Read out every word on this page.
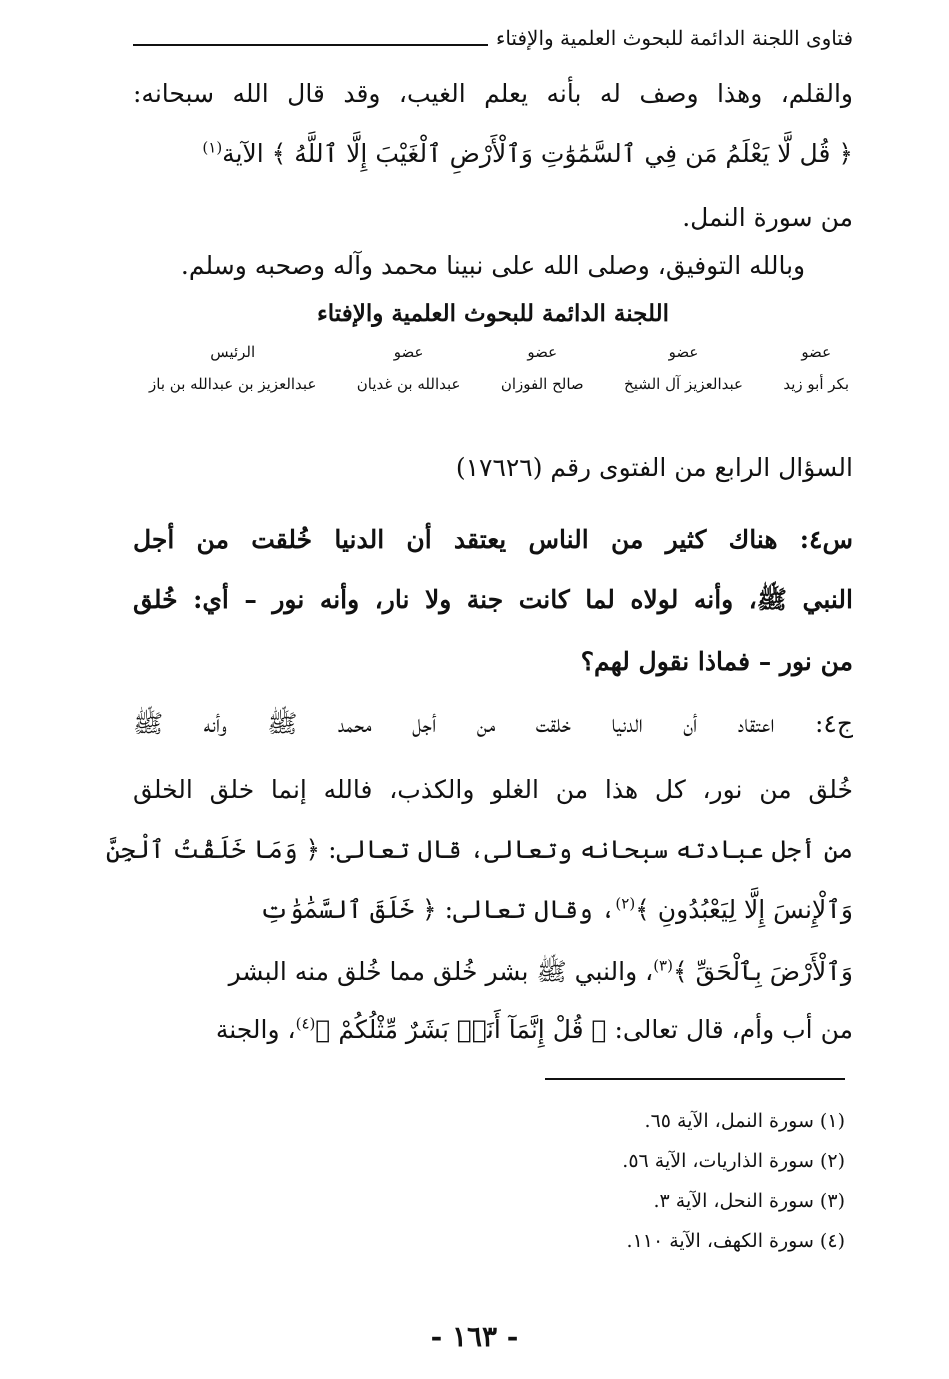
فتاوى اللجنة الدائمة للبحوث العلمية والإفتاء
والقلم، وهذا وصف له بأنه يعلم الغيب، وقد قال الله سبحانه:
﴿ قُل لَّا يَعْلَمُ مَن فِي ٱلسَّمَٰوَٰتِ وَٱلْأَرْضِ ٱلْغَيْبَ إِلَّا ٱللَّهُ ﴾ الآية$^{(١)}$
من سورة النمل.
وبالله التوفيق، وصلى الله على نبينا محمد وآله وصحبه وسلم.
اللجنة الدائمة للبحوث العلمية والإفتاء
عضو
بكر أبو زيد
عضو
عبدالعزيز آل الشيخ
عضو
صالح الفوزان
عضو
عبدالله بن غديان
الرئيس
عبدالعزيز بن عبدالله بن باز
السؤال الرابع من الفتوى رقم (١٧٦٢٦)
س٤: هناك كثير من الناس يعتقد أن الدنيا خُلقت من أجل
النبي ﷺ، وأنه لولاه لما كانت جنة ولا نار، وأنه نور – أي: خُلق
من نور – فماذا نقول لهم؟
ج٤: اعتقاد أن الدنيا خلقت من أجل محمد ﷺ وأنه ﷺ
خُلق من نور، كل هذا من الغلو والكذب، فالله إنما خلق الخلق
من أجل عبادته سبحانه وتعالى، قال تعالى: ﴿ وَمَا خَلَقْتُ ٱلْجِنَّ
وَٱلْإِنسَ إِلَّا لِيَعْبُدُونِ ﴾$^{(٢)}$، وقال تعالى: ﴿ خَلَقَ ٱلسَّمَٰوَٰتِ
وَٱلْأَرْضَ بِٱلْحَقِّ ﴾$^{(٣)}$، والنبي ﷺ بشر خُلق مما خُلق منه البشر
من أب وأم، قال تعالى: ﴿ قُلْ إِنَّمَآ أَنَا۠ بَشَرٌ مِّثْلُكُمْ ﴾$^{(٤)}$، والجنة
(١) سورة النمل، الآية ٦٥.
(٢) سورة الذاريات، الآية ٥٦.
(٣) سورة النحل، الآية ٣.
(٤) سورة الكهف، الآية ١١٠.
- ١٦٣ -
